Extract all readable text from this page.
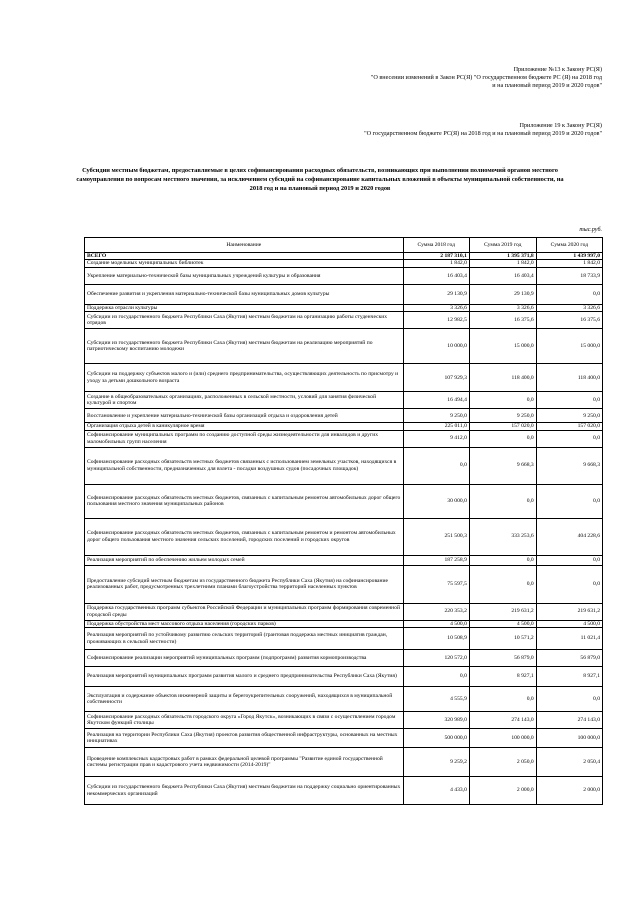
Приложение №13 к Закону РС(Я)
"О внесении изменений в Закон РС(Я) "О государственном бюджете РС (Я) на 2018 год
и на плановый период 2019 и 2020 годов"
Приложение 19 к Закону РС(Я)
"О государственном бюджете РС(Я) на 2018 год и на плановый период 2019 и 2020 годов"
Субсидии местным бюджетам, предоставляемые в целях софинансирования расходных обязательств, возникающих при выполнении полномочий органов местного самоуправления по вопросам местного значения, за исключением субсидий на софинансирование капитальных вложений в объекты муниципальной собственности, на 2018 год и на плановый период 2019 и 2020 годов
тыс.руб.
Наименование	Сумма 2018 год	Сумма 2019 год	Сумма 2020 год
ВСЕГО	2 187 310,1	1 395 371,8	1 439 997,0
Создание модельных муниципальных библиотек	1 842,0	1 842,0	1 842,0
Укрепление материально-технической базы муниципальных учреждений культуры и образования	16 403,4	16 403,4	18 733,9
Обеспечение развития и укрепления материально-технической базы муниципальных домов культуры	29 130,9	29 130,9	0,0
Поддержка отрасли культуры	3 326,6	3 326,6	3 326,6
Субсидии из государственного бюджета Республики Саха (Якутия) местным бюджетам на организацию работы студенческих отрядов	12 982,5	16 375,6	16 375,6
Субсидии из государственного бюджета Республики Саха (Якутия) местным бюджетам на реализацию мероприятий по патриотическому воспитанию молодежи	10 000,0	15 000,0	15 000,0
Субсидии на поддержку субъектов малого и (или) среднего предпринимательства, осуществляющих деятельность по присмотру и уходу за детьми дошкольного возраста	107 929,3	118 400,0	118 400,0
Создание в общеобразовательных организациях, расположенных в сельской местности, условий для занятия физической культурой и спортом	16 494,4	0,0	0,0
Восстановление и укрепление материально-технической базы организаций отдыха и оздоровления детей	9 250,0	9 250,0	9 250,0
Организация отдыха детей в каникулярное время	225 011,0	157 020,0	157 020,0
Софинансирование муниципальных программ по созданию доступной среды жизнедеятельности для инвалидов и других маломобильных групп населения	9 412,0	0,0	0,0
Софинансирование расходных обязательств местных бюджетов связанных с использованием земельных участков, находящихся в муниципальной собственности, предназначенных для взлета - посадки воздушных судов (посадочных площадок)	0,0	9 668,3	9 668,3
Софинансирование расходных обязательств местных бюджетов, связанных с капитальным ремонтом автомобильных дорог общего пользования местного значения муниципальных районов	30 000,0	0,0	0,0
Софинансирование расходных обязательств местных бюджетов, связанных с капитальным ремонтом и ремонтом автомобильных дорог общего пользования местного значения сельских поселений, городских поселений и городских округов	251 500,3	333 253,6	404 228,6
Реализация мероприятий по обеспечению жильем молодых семей	187 258,9	0,0	0,0
Предоставление субсидий местным бюджетам из государственного бюджета Республики Саха (Якутия) на софинансирование реализованных работ, предусмотренных трехлетними планами благоустройства территорий населенных пунктов	75 597,5	0,0	0,0
Поддержка государственных программ субъектов Российской Федерации и муниципальных программ формирования современной городской среды	220 353,2	219 631,2	219 631,2
Поддержка обустройства мест массового отдыха населения (городских парков)	4 500,0	4 500,0	4 500,0
Реализация мероприятий по устойчивому развитию сельских территорий (грантовая поддержка местных инициатив граждан, проживающих в сельской местности)	10 508,9	10 571,2	11 021,4
Софинансирование реализации мероприятий муниципальных программ (подпрограмм) развития кормопроизводства	120 572,0	56 879,0	56 879,0
Реализация мероприятий муниципальных программ развития малого и среднего предпринимательства Республики Саха (Якутия)	0,0	8 927,1	8 927,1
Эксплуатация и содержание объектов инженерной защиты и берегоукрепительных сооружений, находящихся в муниципальной собственности	4 555,9	0,0	0,0
Софинансирование расходных обязательств городского округа «Город Якутск», возникающих в связи с осуществлением городом Якутском функций столицы	320 989,0	274 143,0	274 143,0
Реализация на территории Республики Саха (Якутия) проектов развития общественной инфраструктуры, основанных на местных инициативах	500 000,0	100 000,0	100 000,0
Проведение комплексных кадастровых работ в рамках федеральной целевой программы "Развитие единой государственной системы регистрации прав и кадастрового учета недвижимости (2014-2019)"	9 259,2	2 050,0	2 050,4
Субсидии из государственного бюджета Республики Саха (Якутия) местным бюджетам на поддержку социально ориентированных некоммерческих организаций	4 433,0	2 000,0	2 000,0
